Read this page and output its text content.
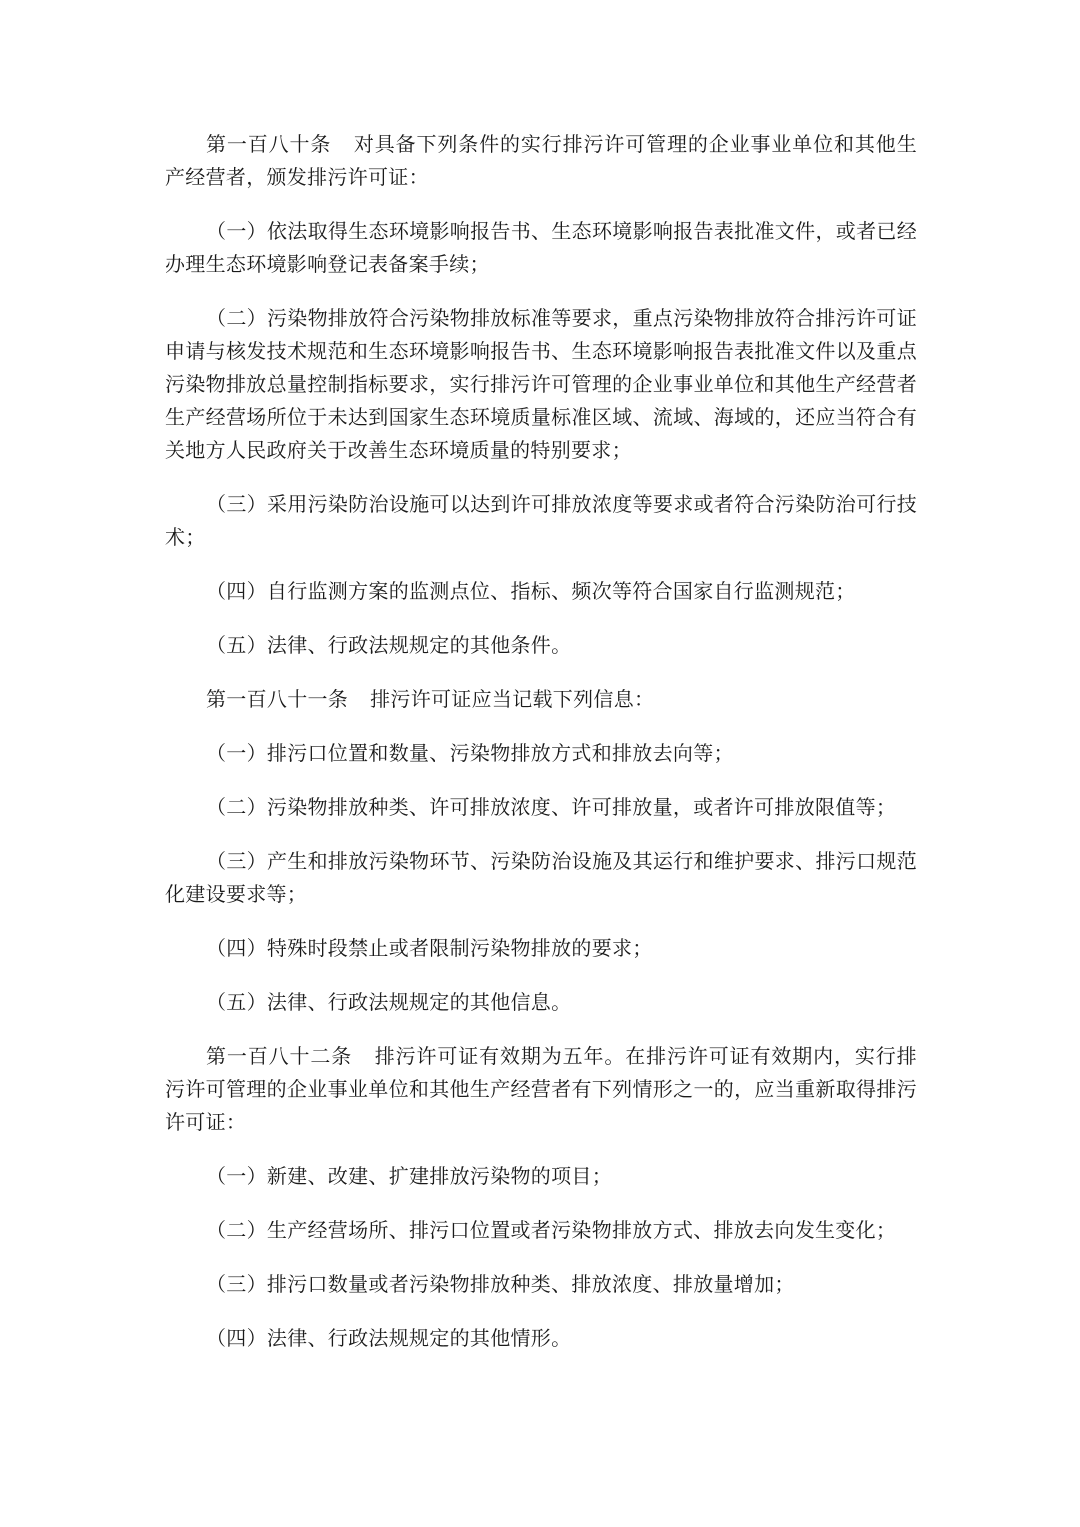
第一百八十条 对具备下列条件的实行排污许可管理的企业事业单位和其他生产经营者，颁发排污许可证：

（一）依法取得生态环境影响报告书、生态环境影响报告表批准文件，或者已经办理生态环境影响登记表备案手续；

（二）污染物排放符合污染物排放标准等要求，重点污染物排放符合排污许可证申请与核发技术规范和生态环境影响报告书、生态环境影响报告表批准文件以及重点污染物排放总量控制指标要求，实行排污许可管理的企业事业单位和其他生产经营者生产经营场所位于未达到国家生态环境质量标准区域、流域、海域的，还应当符合有关地方人民政府关于改善生态环境质量的特别要求；

（三）采用污染防治设施可以达到许可排放浓度等要求或者符合污染防治可行技术；

（四）自行监测方案的监测点位、指标、频次等符合国家自行监测规范；

（五）法律、行政法规规定的其他条件。

第一百八十一条 排污许可证应当记载下列信息：

（一）排污口位置和数量、污染物排放方式和排放去向等；

（二）污染物排放种类、许可排放浓度、许可排放量，或者许可排放限值等；

（三）产生和排放污染物环节、污染防治设施及其运行和维护要求、排污口规范化建设要求等；

（四）特殊时段禁止或者限制污染物排放的要求；

（五）法律、行政法规规定的其他信息。

第一百八十二条 排污许可证有效期为五年。在排污许可证有效期内，实行排污许可管理的企业事业单位和其他生产经营者有下列情形之一的，应当重新取得排污许可证：

（一）新建、改建、扩建排放污染物的项目；

（二）生产经营场所、排污口位置或者污染物排放方式、排放去向发生变化；

（三）排污口数量或者污染物排放种类、排放浓度、排放量增加；

（四）法律、行政法规规定的其他情形。
